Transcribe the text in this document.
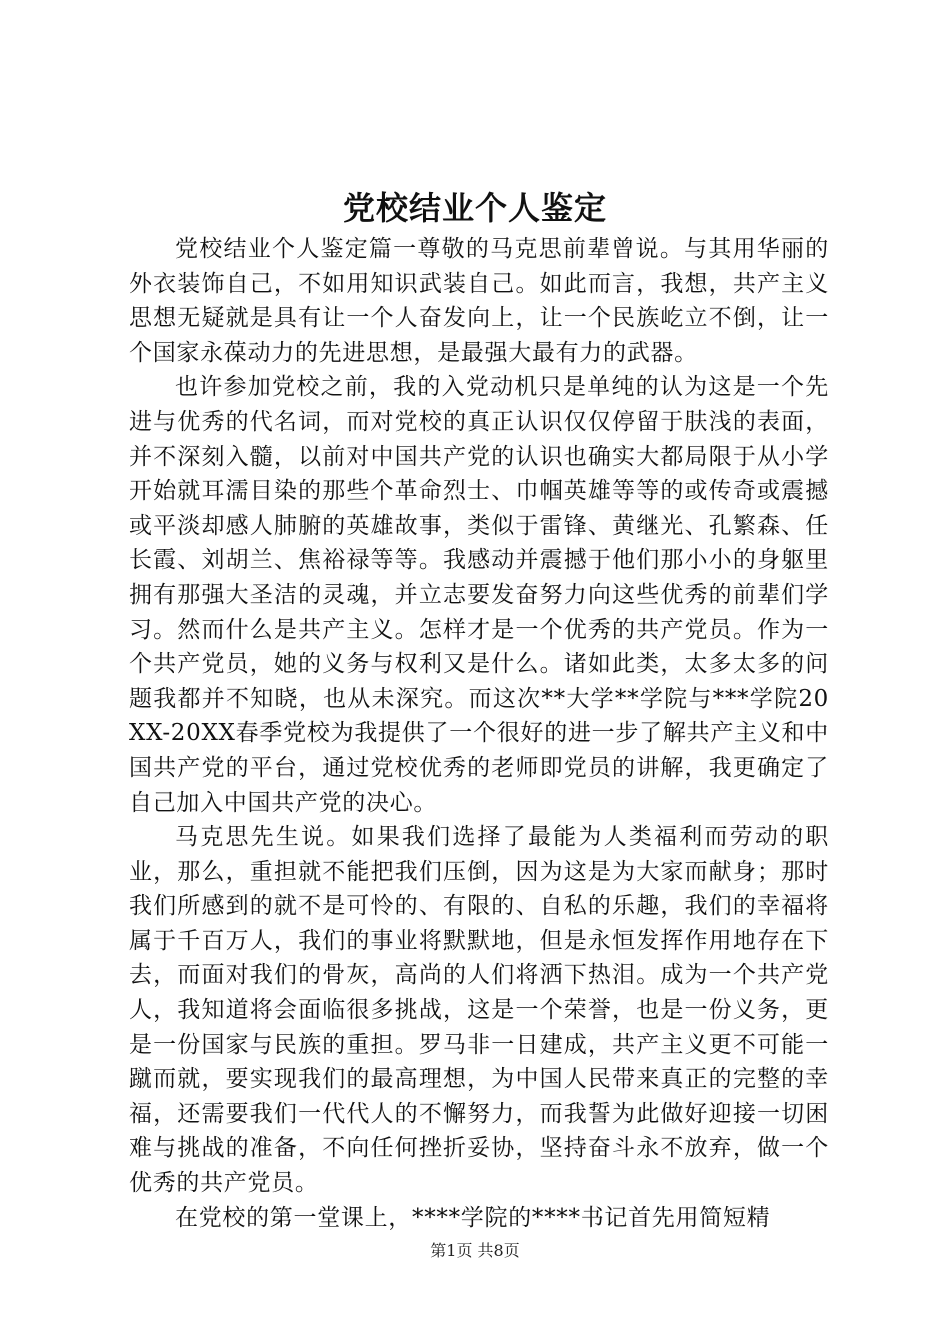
党校结业个人鉴定

党校结业个人鉴定篇一尊敬的马克思前辈曾说。与其用华丽的外衣装饰自己，不如用知识武装自己。如此而言，我想，共产主义思想无疑就是具有让一个人奋发向上，让一个民族屹立不倒，让一个国家永葆动力的先进思想，是最强大最有力的武器。

也许参加党校之前，我的入党动机只是单纯的认为这是一个先进与优秀的代名词，而对党校的真正认识仅仅停留于肤浅的表面，并不深刻入髓，以前对中国共产党的认识也确实大都局限于从小学开始就耳濡目染的那些个革命烈士、巾帼英雄等等的或传奇或震撼或平淡却感人肺腑的英雄故事，类似于雷锋、黄继光、孔繁森、任长霞、刘胡兰、焦裕禄等等。我感动并震撼于他们那小小的身躯里拥有那强大圣洁的灵魂，并立志要发奋努力向这些优秀的前辈们学习。然而什么是共产主义。怎样才是一个优秀的共产党员。作为一个共产党员，她的义务与权利又是什么。诸如此类，太多太多的问题我都并不知晓，也从未深究。而这次**大学**学院与***学院20XX-20XX春季党校为我提供了一个很好的进一步了解共产主义和中国共产党的平台，通过党校优秀的老师即党员的讲解，我更确定了自己加入中国共产党的决心。

马克思先生说。如果我们选择了最能为人类福利而劳动的职业，那么，重担就不能把我们压倒，因为这是为大家而献身；那时我们所感到的就不是可怜的、有限的、自私的乐趣，我们的幸福将属于千百万人，我们的事业将默默地，但是永恒发挥作用地存在下去，而面对我们的骨灰，高尚的人们将洒下热泪。成为一个共产党人，我知道将会面临很多挑战，这是一个荣誉，也是一份义务，更是一份国家与民族的重担。罗马非一日建成，共产主义更不可能一蹴而就，要实现我们的最高理想，为中国人民带来真正的完整的幸福，还需要我们一代代人的不懈努力，而我誓为此做好迎接一切困难与挑战的准备，不向任何挫折妥协，坚持奋斗永不放弃，做一个优秀的共产党员。

在党校的第一堂课上，****学院的****书记首先用简短精

第1页 共8页
